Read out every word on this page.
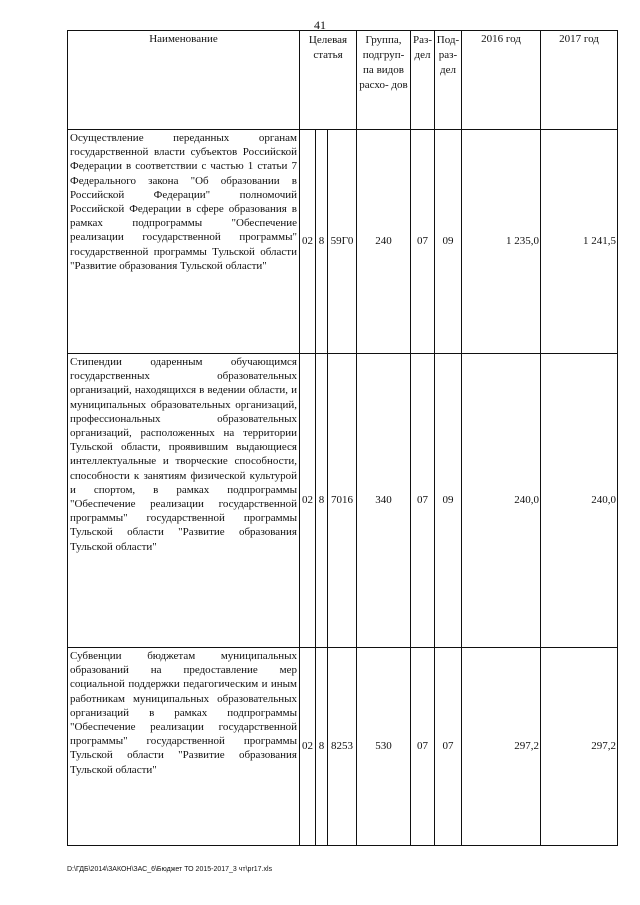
41
Наименование	Целевая статья			Группа, подгруп- па видов расхо- дов	Раз- дел	Под- раз- дел	2016 год	2017 год
Осуществление переданных органам государственной власти субъектов Российской Федерации в соответствии с частью 1 статьи 7 Федерального закона "Об образовании в Российской Федерации" полномочий Российской Федерации в сфере образования в рамках подпрограммы "Обеспечение реализации государственной программы" государственной программы Тульской области "Развитие образования Тульской области"	02	8	59Г0	240	07	09	1 235,0	1 241,5
Стипендии одаренным обучающимся государственных образовательных организаций, находящихся в ведении области, и муниципальных образовательных организаций, профессиональных образовательных организаций, расположенных на территории Тульской области, проявившим выдающиеся интеллектуальные и творческие способности, способности к занятиям физической культурой и спортом, в рамках подпрограммы "Обеспечение реализации государственной программы" государственной программы Тульской области "Развитие образования Тульской области"	02	8	7016	340	07	09	240,0	240,0
Субвенции бюджетам муниципальных образований на предоставление мер социальной поддержки педагогическим и иным работникам муниципальных образовательных организаций в рамках подпрограммы "Обеспечение реализации государственной программы" государственной программы Тульской области "Развитие образования Тульской области"	02	8	8253	530	07	07	297,2	297,2
D:\ГДБ\2014\ЗАКОН\ЗАС_6\Бюджет ТО 2015-2017_3 чт\pr17.xls
